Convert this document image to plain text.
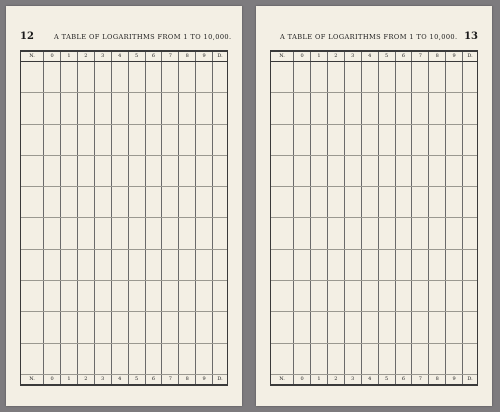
12	A TABLE OF LOGARITHMS FROM 1 TO 10,000.
N.	0	1	2	3	4	5	6	7	8	9	D.

N.	0	1	2	3	4	5	6	7	8	9	D.
A TABLE OF LOGARITHMS FROM 1 TO 10,000. 13
N.	0	1	2	3	4	5	6	7	8	9	D.

N.	0	1	2	3	4	5	6	7	8	9	D.
